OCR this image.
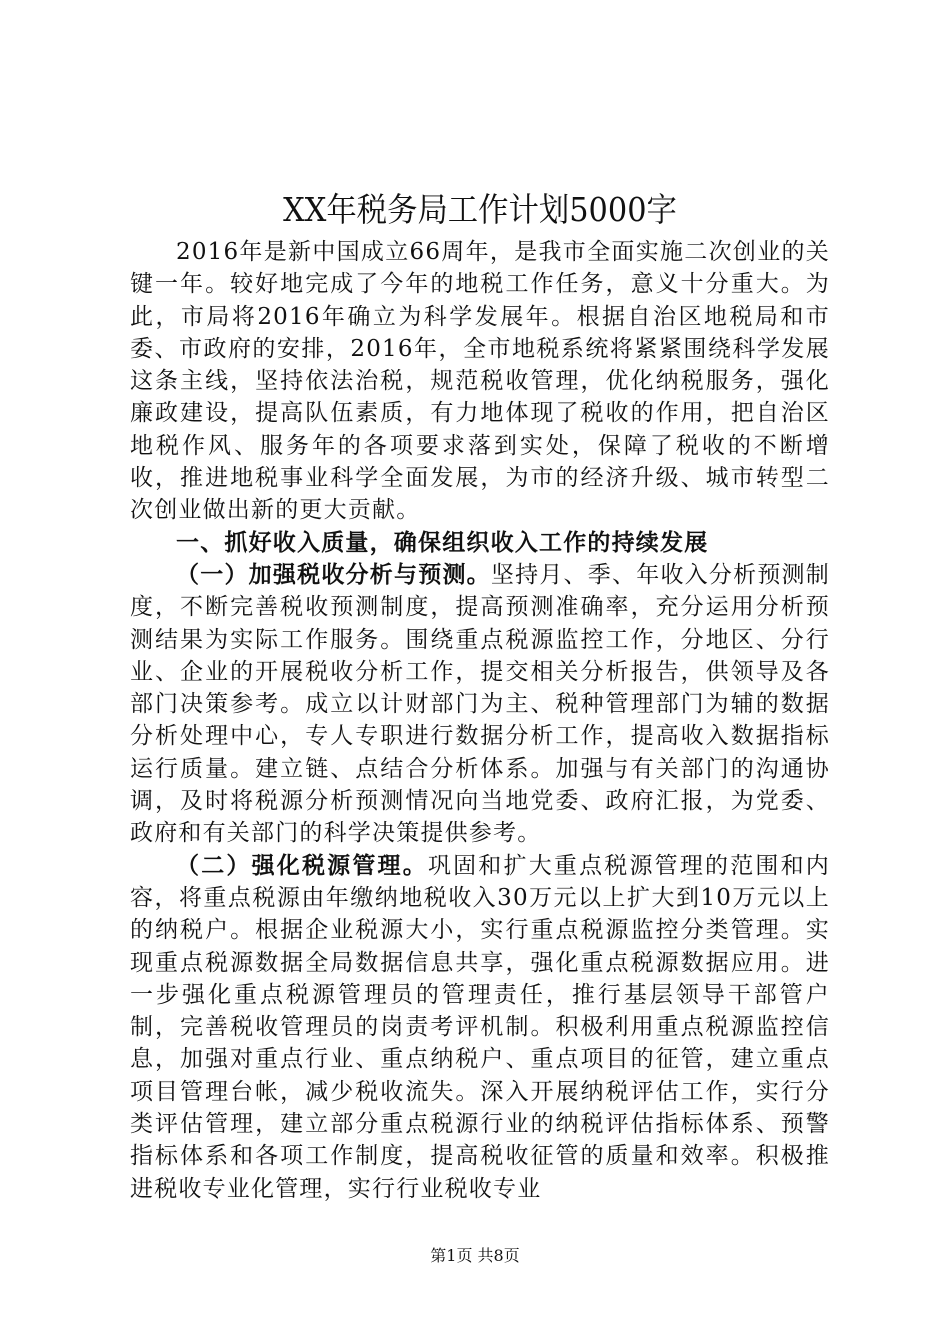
XX年税务局工作计划5000字

2016年是新中国成立66周年，是我市全面实施二次创业的关键一年。较好地完成了今年的地税工作任务，意义十分重大。为此，市局将2016年确立为科学发展年。根据自治区地税局和市委、市政府的安排，2016年，全市地税系统将紧紧围绕科学发展这条主线，坚持依法治税，规范税收管理，优化纳税服务，强化廉政建设，提高队伍素质，有力地体现了税收的作用，把自治区地税作风、服务年的各项要求落到实处，保障了税收的不断增收，推进地税事业科学全面发展，为市的经济升级、城市转型二次创业做出新的更大贡献。

一、抓好收入质量，确保组织收入工作的持续发展

（一）加强税收分析与预测。坚持月、季、年收入分析预测制度，不断完善税收预测制度，提高预测准确率，充分运用分析预测结果为实际工作服务。围绕重点税源监控工作，分地区、分行业、企业的开展税收分析工作，提交相关分析报告，供领导及各部门决策参考。成立以计财部门为主、税种管理部门为辅的数据分析处理中心，专人专职进行数据分析工作，提高收入数据指标运行质量。建立链、点结合分析体系。加强与有关部门的沟通协调，及时将税源分析预测情况向当地党委、政府汇报，为党委、政府和有关部门的科学决策提供参考。

（二）强化税源管理。巩固和扩大重点税源管理的范围和内容，将重点税源由年缴纳地税收入30万元以上扩大到10万元以上的纳税户。根据企业税源大小，实行重点税源监控分类管理。实现重点税源数据全局数据信息共享，强化重点税源数据应用。进一步强化重点税源管理员的管理责任，推行基层领导干部管户制，完善税收管理员的岗责考评机制。积极利用重点税源监控信息，加强对重点行业、重点纳税户、重点项目的征管，建立重点项目管理台帐，减少税收流失。深入开展纳税评估工作，实行分类评估管理，建立部分重点税源行业的纳税评估指标体系、预警指标体系和各项工作制度，提高税收征管的质量和效率。积极推进税收专业化管理，实行行业税收专业

第1页 共8页
